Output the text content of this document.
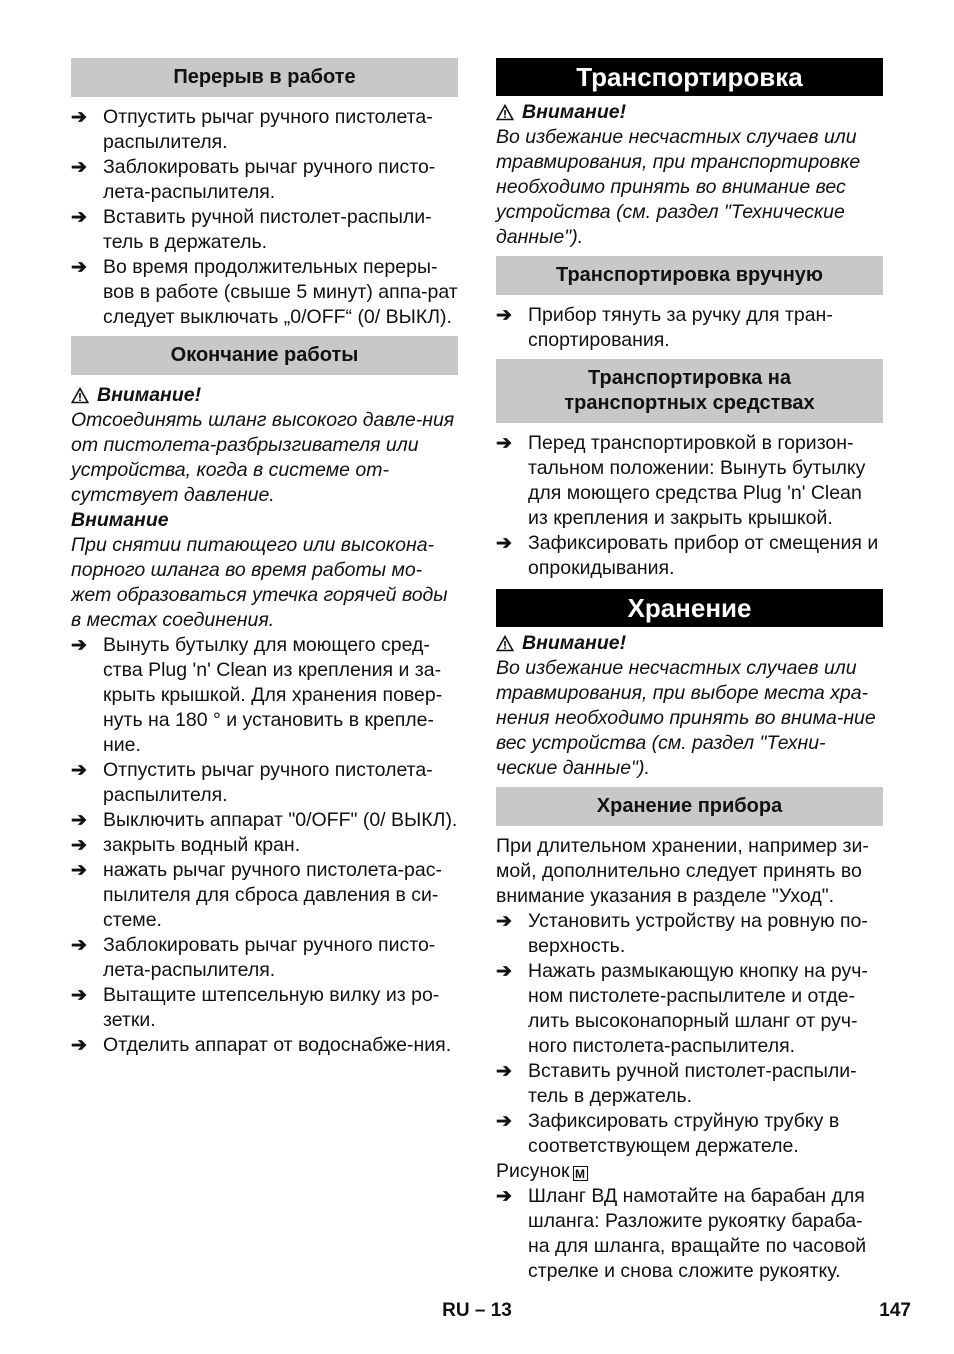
Перерыв в работе
➔ Отпустить рычаг ручного пистолета-распылителя.
➔ Заблокировать рычаг ручного писто-лета-распылителя.
➔ Вставить ручной пистолет-распыли-тель в держатель.
➔ Во время продолжительных переры-вов в работе (свыше 5 минут) аппа-рат следует выключать „0/OFF“ (0/ ВЫКЛ).
Окончание работы
Внимание!
Отсоединять шланг высокого давле-ния от пистолета-разбрызгивателя или устройства, когда в системе от-сутствует давление.
Внимание
При снятии питающего или высокона-порного шланга во время работы мо-жет образоваться утечка горячей воды в местах соединения.
➔ Вынуть бутылку для моющего сред-ства Plug 'n' Clean из крепления и за-крыть крышкой. Для хранения повер-нуть на 180 ° и установить в крепле-ние.
➔ Отпустить рычаг ручного пистолета-распылителя.
➔ Выключить аппарат "0/OFF" (0/ ВЫКЛ).
➔ закрыть водный кран.
➔ нажать рычаг ручного пистолета-рас-пылителя для сброса давления в си-стеме.
➔ Заблокировать рычаг ручного писто-лета-распылителя.
➔ Вытащите штепсельную вилку из ро-зетки.
➔ Отделить аппарат от водоснабже-ния.
Транспортировка
Внимание!
Во избежание несчастных случаев или травмирования, при транспортировке необходимо принять во внимание вес устройства (см. раздел "Технические данные").
Транспортировка вручную
➔ Прибор тянуть за ручку для тран-спортирования.
Транспортировка на
транспортных средствах
➔ Перед транспортировкой в горизон-тальном положении: Вынуть бутылку для моющего средства Plug 'n' Clean из крепления и закрыть крышкой.
➔ Зафиксировать прибор от смещения и опрокидывания.
Хранение
Внимание!
Во избежание несчастных случаев или травмирования, при выборе места хра-нения необходимо принять во внима-ние вес устройства (см. раздел "Техни-ческие данные").
Хранение прибора
При длительном хранении, например зи-мой, дополнительно следует принять во внимание указания в разделе "Уход".
➔ Установить устройству на ровную по-верхность.
➔ Нажать размыкающую кнопку на руч-ном пистолете-распылителе и отде-лить высоконапорный шланг от руч-ного пистолета-распылителя.
➔ Вставить ручной пистолет-распыли-тель в держатель.
➔ Зафиксировать струйную трубку в соответствующем держателе.
Рисунок M
➔ Шланг ВД намотайте на барабан для шланга: Разложите рукоятку бараба-на для шланга, вращайте по часовой стрелке и снова сложите рукоятку.
RU – 13	147
